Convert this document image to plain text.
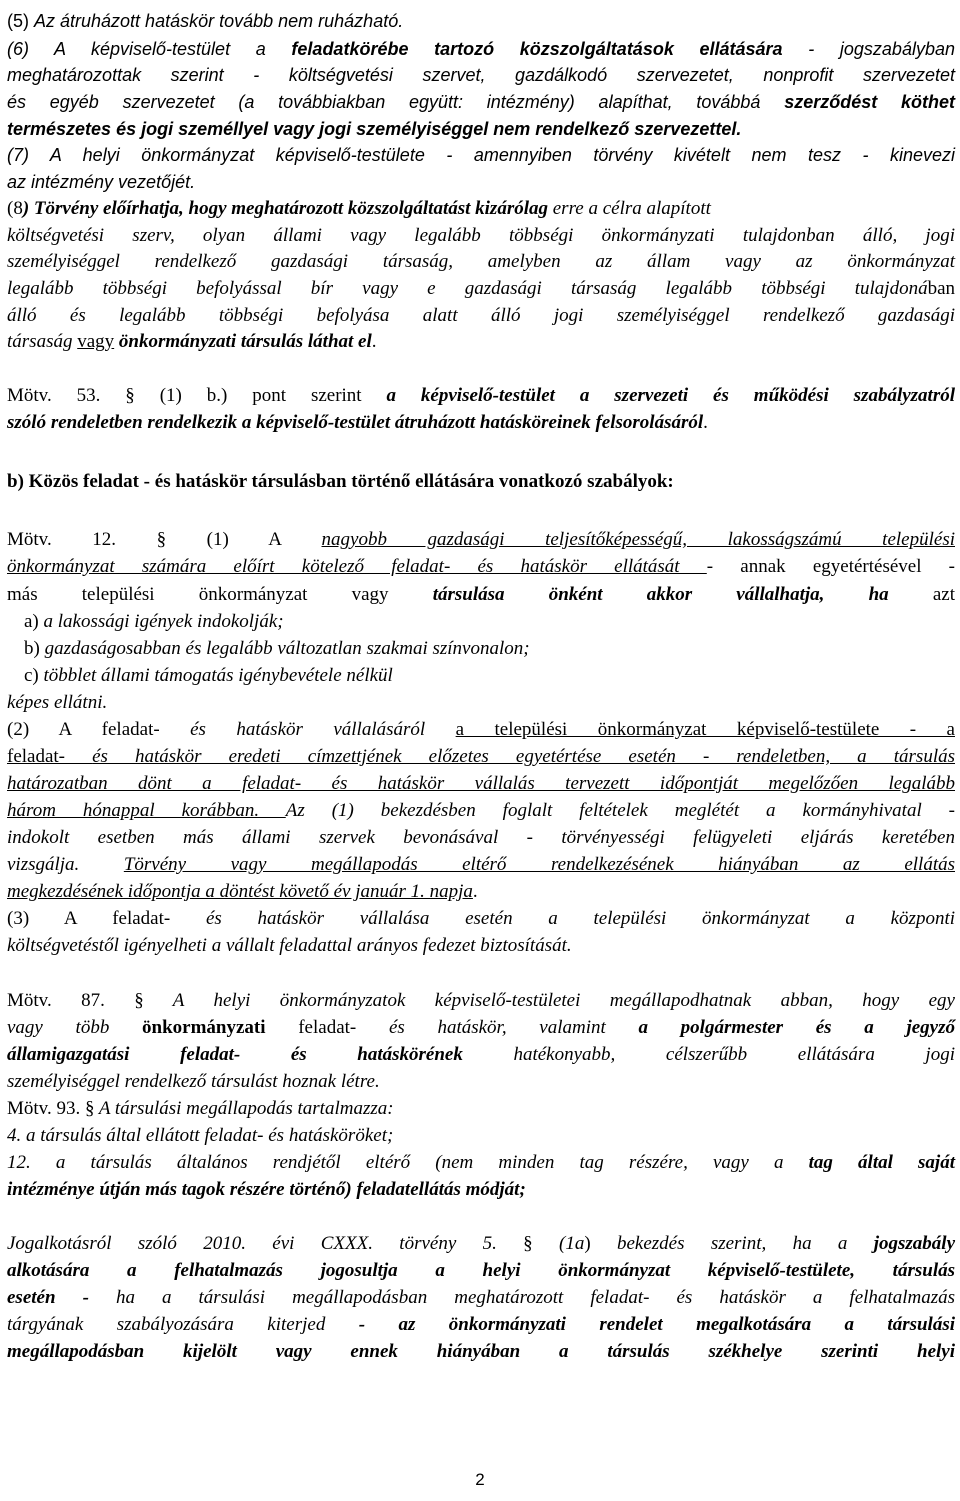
(5) Az átruházott hatáskör tovább nem ruházható.
(6) A képviselő-testület a feladatkörébe tartozó közszolgáltatások ellátására - jogszabályban
meghatározottak szerint - költségvetési szervet, gazdálkodó szervezetet, nonprofit szervezetet
és egyéb szervezetet (a továbbiakban együtt: intézmény) alapíthat, továbbá szerződést köthet
természetes és jogi személlyel vagy jogi személyiséggel nem rendelkező szervezettel.
(7) A helyi önkormányzat képviselő-testülete - amennyiben törvény kivételt nem tesz - kinevezi
az intézmény vezetőjét.
(8) Törvény előírhatja, hogy meghatározott közszolgáltatást kizárólag erre a célra alapított
költségvetési szerv, olyan állami vagy legalább többségi önkormányzati tulajdonban álló, jogi
személyiséggel rendelkező gazdasági társaság, amelyben az állam vagy az önkormányzat
legalább többségi befolyással bír vagy e gazdasági társaság legalább többségi tulajdonában
álló és legalább többségi befolyása alatt álló jogi személyiséggel rendelkező gazdasági
társaság vagy önkormányzati társulás láthat el.
Mötv. 53. § (1) b.) pont szerint a képviselő-testület a szervezeti és működési szabályzatról
szóló rendeletben rendelkezik a képviselő-testület átruházott hatásköreinek felsorolásáról.
b) Közös feladat - és hatáskör társulásban történő ellátására vonatkozó szabályok:
Mötv. 12. § (1) A nagyobb gazdasági teljesítőképességű, lakosságszámú települési
önkormányzat számára előírt kötelező feladat- és hatáskör ellátását - annak egyetértésével -
más települési önkormányzat vagy társulása önként akkor vállalhatja, ha azt
a) a lakossági igények indokolják;
b) gazdaságosabban és legalább változatlan szakmai színvonalon;
c) többlet állami támogatás igénybevétele nélkül
képes ellátni.
(2) A feladat- és hatáskör vállalásáról a települési önkormányzat képviselő-testülete - a
feladat- és hatáskör eredeti címzettjének előzetes egyetértése esetén - rendeletben, a társulás
határozatban dönt a feladat- és hatáskör vállalás tervezett időpontját megelőzően legalább
három hónappal korábban. Az (1) bekezdésben foglalt feltételek meglétét a kormányhivatal -
indokolt esetben más állami szervek bevonásával - törvényességi felügyeleti eljárás keretében
vizsgálja. Törvény vagy megállapodás eltérő rendelkezésének hiányában az ellátás
megkezdésének időpontja a döntést követő év január 1. napja.
(3) A feladat- és hatáskör vállalása esetén a települési önkormányzat a központi
költségvetéstől igényelheti a vállalt feladattal arányos fedezet biztosítását.
Mötv. 87. § A helyi önkormányzatok képviselő-testületei megállapodhatnak abban, hogy egy
vagy több önkormányzati feladat- és hatáskör, valamint a polgármester és a jegyző
államigazgatási feladat- és hatáskörének hatékonyabb, célszerűbb ellátására jogi
személyiséggel rendelkező társulást hoznak létre.
Mötv. 93. § A társulási megállapodás tartalmazza:
4. a társulás által ellátott feladat- és hatásköröket;
12. a társulás általános rendjétől eltérő (nem minden tag részére, vagy a tag által saját
intézménye útján más tagok részére történő) feladatellátás módját;
Jogalkotásról szóló 2010. évi CXXX. törvény 5. § (1a) bekezdés szerint, ha a jogszabály
alkotására a felhatalmazás jogosultja a helyi önkormányzat képviselő-testülete, társulás
esetén - ha a társulási megállapodásban meghatározott feladat- és hatáskör a felhatalmazás
tárgyának szabályozására kiterjed - az önkormányzati rendelet megalkotására a társulási
megállapodásban kijelölt vagy ennek hiányában a társulás székhelye szerinti helyi
2
